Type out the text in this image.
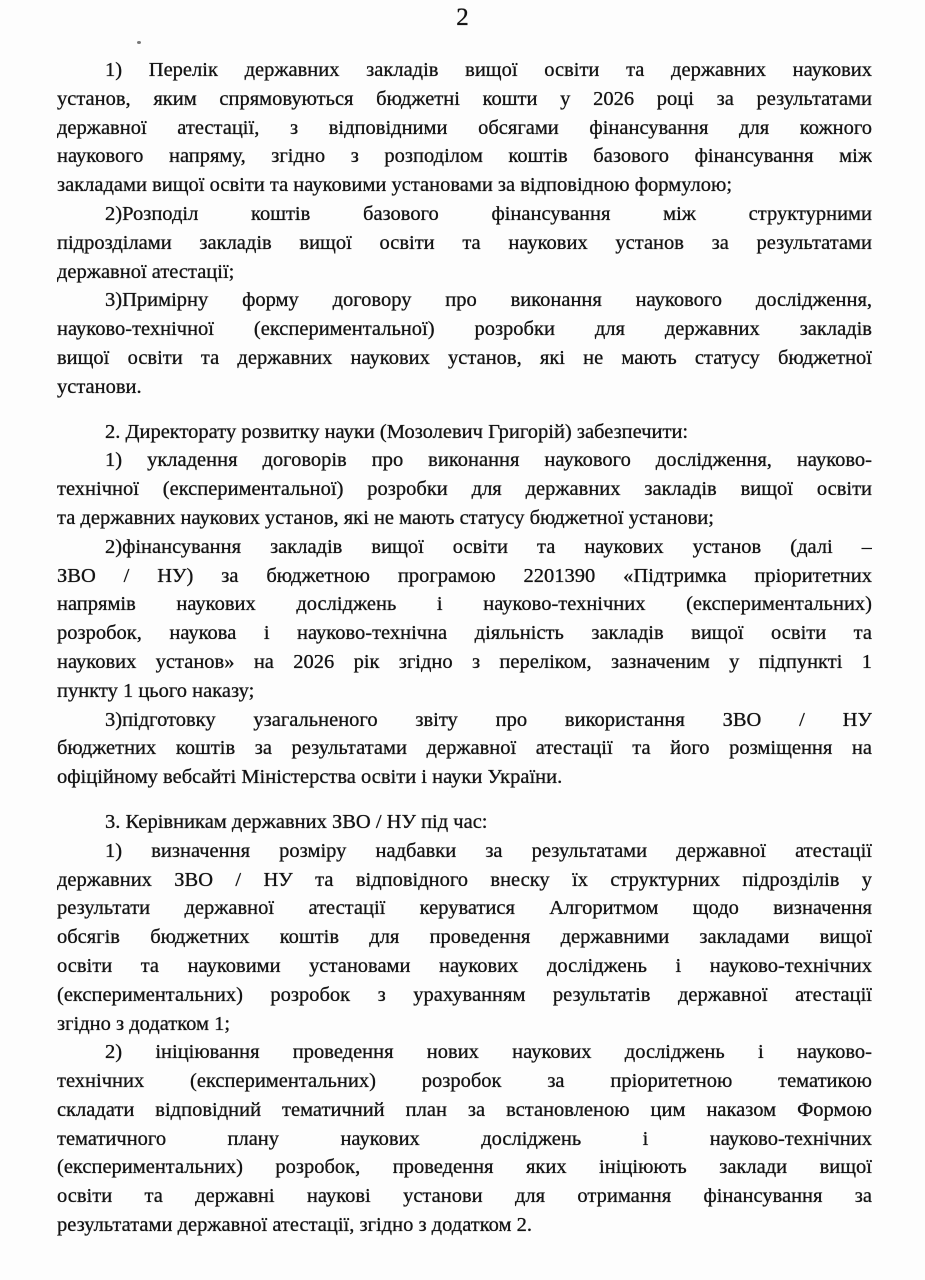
2
1) Перелік державних закладів вищої освіти та державних наукових
установ, яким спрямовуються бюджетні кошти у 2026 році за результатами
державної атестації, з відповідними обсягами фінансування для кожного
наукового напряму, згідно з розподілом коштів базового фінансування між
закладами вищої освіти та науковими установами за відповідною формулою;
2)Розподіл коштів базового фінансування між структурними
підрозділами закладів вищої освіти та наукових установ за результатами
державної атестації;
3)Примірну форму договору про виконання наукового дослідження,
науково-технічної (експериментальної) розробки для державних закладів
вищої освіти та державних наукових установ, які не мають статусу бюджетної
установи.
2. Директорату розвитку науки (Мозолевич Григорій) забезпечити:
1) укладення договорів про виконання наукового дослідження, науково-
технічної (експериментальної) розробки для державних закладів вищої освіти
та державних наукових установ, які не мають статусу бюджетної установи;
2)фінансування закладів вищої освіти та наукових установ (далі –
ЗВО / НУ) за бюджетною програмою 2201390 «Підтримка пріоритетних
напрямів наукових досліджень і науково-технічних (експериментальних)
розробок, наукова і науково-технічна діяльність закладів вищої освіти та
наукових установ» на 2026 рік згідно з переліком, зазначеним у підпункті 1
пункту 1 цього наказу;
3)підготовку узагальненого звіту про використання ЗВО / НУ
бюджетних коштів за результатами державної атестації та його розміщення на
офіційному вебсайті Міністерства освіти і науки України.
3. Керівникам державних ЗВО / НУ під час:
1) визначення розміру надбавки за результатами державної атестації
державних ЗВО / НУ та відповідного внеску їх структурних підрозділів у
результати державної атестації керуватися Алгоритмом щодо визначення
обсягів бюджетних коштів для проведення державними закладами вищої
освіти та науковими установами наукових досліджень і науково-технічних
(експериментальних) розробок з урахуванням результатів державної атестації
згідно з додатком 1;
2) ініціювання проведення нових наукових досліджень і науково-
технічних (експериментальних) розробок за пріоритетною тематикою
складати відповідний тематичний план за встановленою цим наказом Формою
тематичного плану наукових досліджень і науково-технічних
(експериментальних) розробок, проведення яких ініціюють заклади вищої
освіти та державні наукові установи для отримання фінансування за
результатами державної атестації, згідно з додатком 2.
